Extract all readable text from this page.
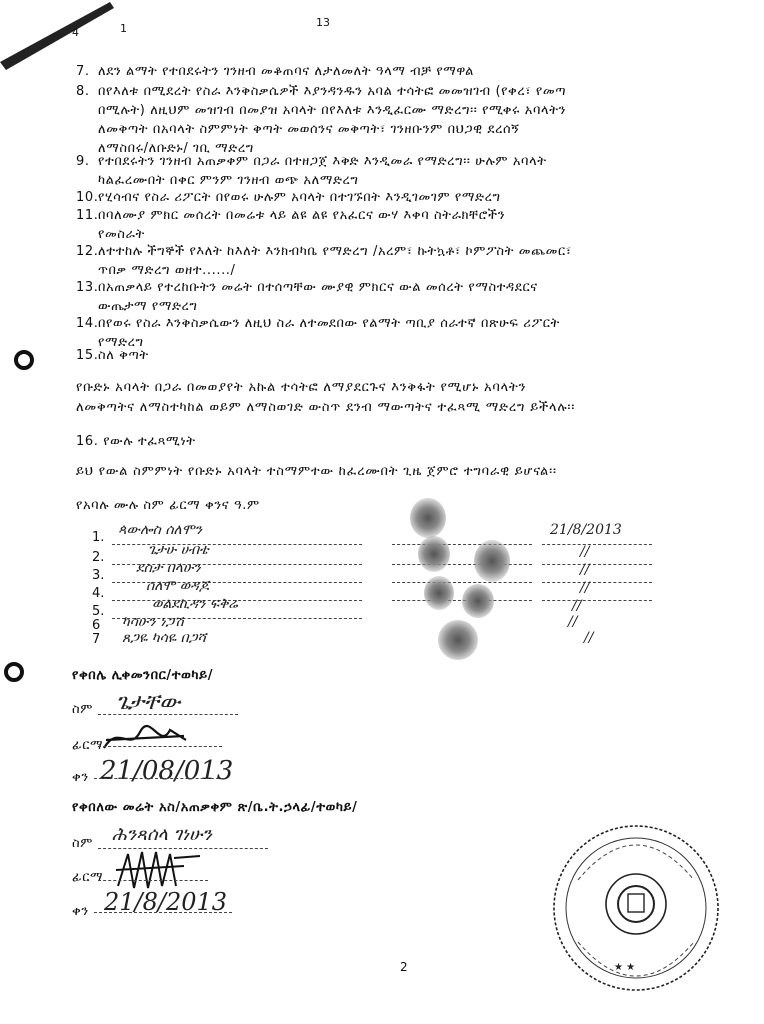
13
4	1
7. ለደን ልማት የተበደሩትን ገንዘብ መቆጠባና ለታለመለት ዓላማ ብቻ የማዋል
8. በየእለቱ በሚደረት የስራ እንቅስቃሴዎች እያንዳንዱን አባል ተሳትፎ መመዝገብ (የቀረ፣ የመጣ
በሚሉት) ለዚህም መዝገብ በመያዝ አባላት በየእለቱ እንዲፈርሙ ማድረግ፡፡ የሚቀሩ አባላትን
ለመቅጣት በአባላት ስምምነት ቅጣት መወሰንና መቅጣት፣ ገንዘቡንም በህጋዊ ደረሰኝ
ለማስበሩ/ለቡድኑ/ ገቢ ማድረግ
9. የተበደሩትን ገንዘብ አጠቃቀም በጋራ በተዘጋጀ እቅድ እንዲመራ የማድረግ፡፡ ሁሉም አባላት
ካልፈረሙበት በቀር ምንም ገንዘብ ወጭ አለማድረግ
10. የሂሳብና የስራ ሪፖርት በየወሩ ሁሉም አባላት በተገኙበት እንዲገመገም የማድረግ
11. በባለሙያ ምክር መሰረት በመሬቱ ላይ ልዩ ልዩ የአፈርና ውሃ እቀባ ስትራክቸሮችን
የመስራት
12. ለተተከሉ ችግኞች የእለት ከእለት እንክብካቤ የማድረግ /አረም፣ ኩትኳቶ፣ ኮምፖስት መጨመር፣
ጥበቃ ማድረግ ወዘተ....../
13. በአጠቃላይ የተረከቡትን መሬት በተሰጣቸው ሙያዊ ምክርና ውል መሰረት የማስተዳደርና
ውጤታማ የማድረግ
14. በየወሩ የስራ እንቅስቃሴውን ለዚህ ስራ ለተመደበው የልማት ጣቢያ ሰራተኛ በጽሁፍ ሪፖርት
የማድረግ
15. ስለ ቅጣት
የቡድኑ አባላት በጋራ በመወያየት አኩል ተሳትፎ ለማያደርጉና እንቅፋት የሚሆኑ አባላትን
ለመቅጣትና ለማስተካከል ወይም ለማስወገድ ውስጥ ደንብ ማውጣትና ተፈጻሚ ማድረግ ይችላሉ፡፡
16. የውሉ ተፈጻሚነት
ይህ የውል ስምምነት የቡድኑ አባላት ተስማምተው ከፈረሙበት ጊዜ ጀምሮ ተግባራዊ ይሆናል፡፡
የአባሉ ሙሉ ስም ፊርማ ቀንና ዓ.ም
1. ጳውሎስ ሰለሞን	21/8/2013
2.	ጌታሁ ሀብቴ	//
3. ደስታ በላሁን	//
4.	ሰለሞ ወዳጆ	//
5.	ወልደኪዳን ፍቅሬ	//
6 ካሳሁን ነጋሽ	//
7 ጸጋዬ ካሳዬ በጋሻ	//
የቀበሌ ሊቀመንበር/ተወካይ/
ስም ጌታቸው
ፊርማ
ቀን 21/08/013
የቀበለው መሬት አስ/አጠቃቀም ጽ/ቤ.ት.ኃላፊ/ተወካይ/
ስም ሕንጻሰላ ገነሁን
ፊርማ
ቀን 21/8/2013
★ ★
2
